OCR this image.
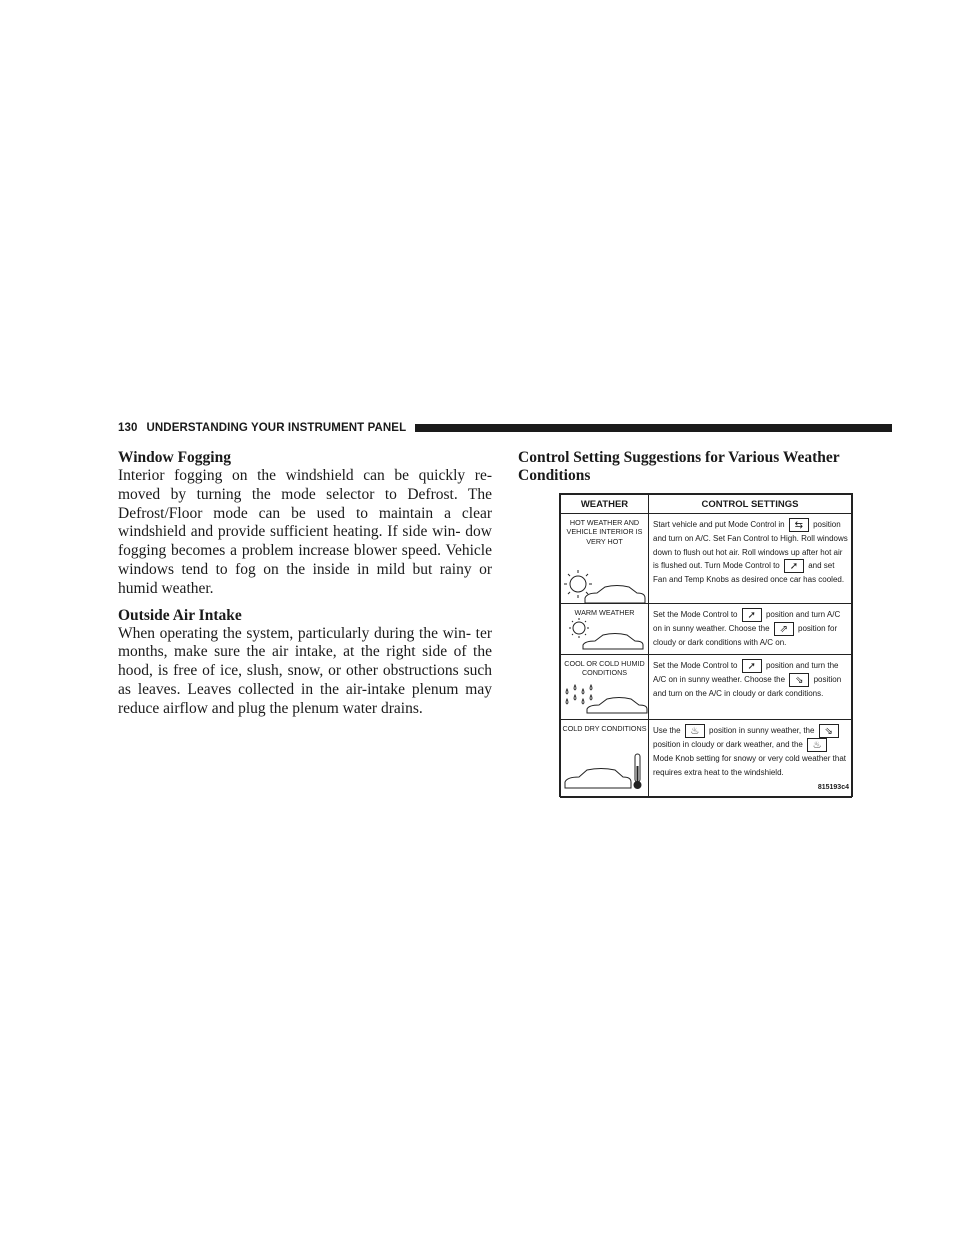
130 UNDERSTANDING YOUR INSTRUMENT PANEL
Window Fogging

Interior fogging on the windshield can be quickly re- moved by turning the mode selector to Defrost. The Defrost/Floor mode can be used to maintain a clear windshield and provide sufficient heating. If side win- dow fogging becomes a problem increase blower speed. Vehicle windows tend to fog on the inside in mild but rainy or humid weather.

Outside Air Intake

When operating the system, particularly during the win- ter months, make sure the air intake, at the right side of the hood, is free of ice, slush, snow, or other obstructions such as leaves. Leaves collected in the air-intake plenum may reduce airflow and plug the plenum water drains.

Control Setting Suggestions for Various Weather Conditions
WEATHER	CONTROL SETTINGS

HOT WEATHER AND VEHICLE INTERIOR IS VERY HOT	Start vehicle and put Mode Control in ⇆ position and turn on A/C. Set Fan Control to High. Roll windows down to flush out hot air. Roll windows up after hot air is flushed out. Turn Mode Control to ➚ and set Fan and Temp Knobs as desired once car has cooled.

WARM WEATHER	Set the Mode Control to ➚ position and turn A/C on in sunny weather. Choose the ⇗ position for cloudy or dark conditions with A/C on.

COOL OR COLD HUMID CONDITIONS	Set the Mode Control to ➚ position and turn the A/C on in sunny weather. Choose the ⇘ position and turn on the A/C in cloudy or dark conditions.

COLD DRY CONDITIONS	Use the ♨ position in sunny weather, the ⇘ position in cloudy or dark weather, and the ♨ Mode Knob setting for snowy or very cold weather that requires extra heat to the windshield.
815193c4
